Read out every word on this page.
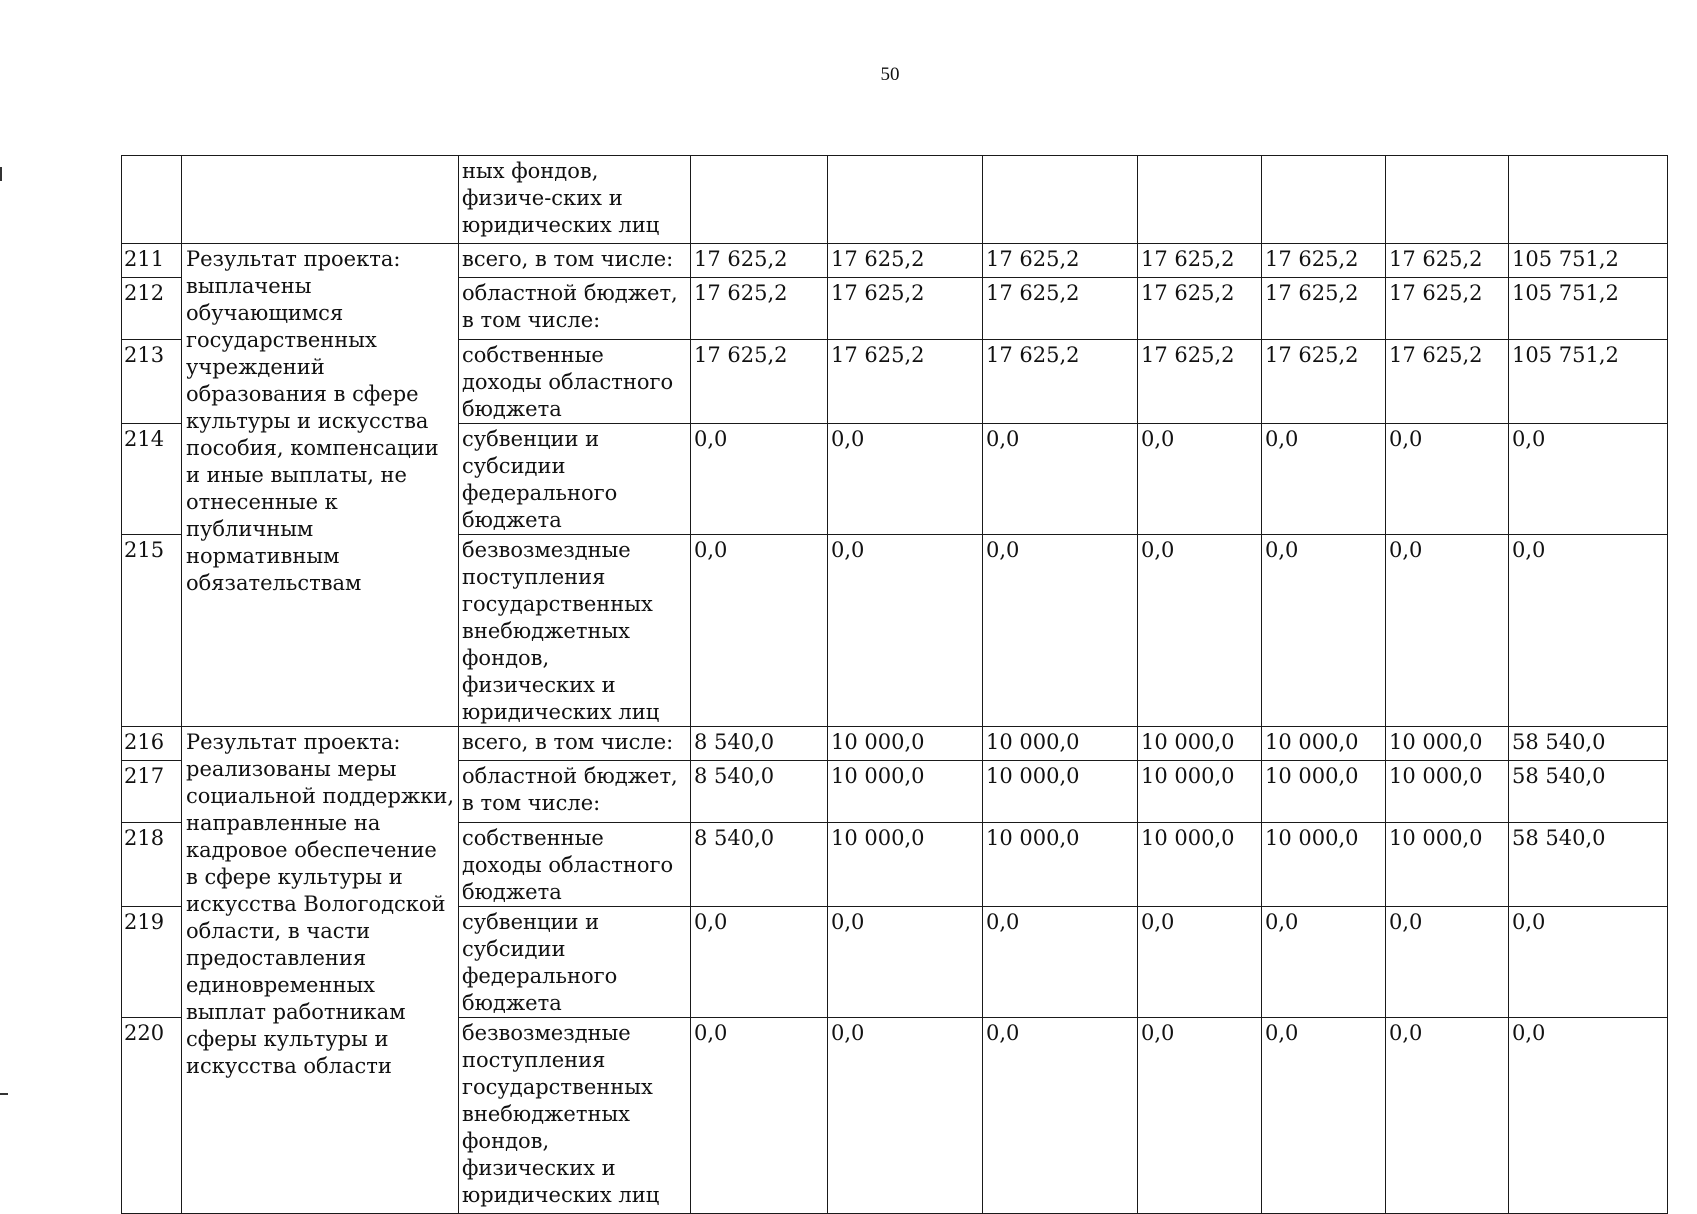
50
		ных фондов, физиче-ских и юридических лиц							
211	Результат проекта: выплачены обучающимся государственных учреждений образования в сфере культуры и искусства пособия, компенсации и иные выплаты, не отнесенные к публичным нормативным обязательствам	всего, в том числе:	17 625,2	17 625,2	17 625,2	17 625,2	17 625,2	17 625,2	105 751,2
212		областной бюджет, в том числе:	17 625,2	17 625,2	17 625,2	17 625,2	17 625,2	17 625,2	105 751,2
213		собственные доходы областного бюджета	17 625,2	17 625,2	17 625,2	17 625,2	17 625,2	17 625,2	105 751,2
214		субвенции и субсидии федерального бюджета	0,0	0,0	0,0	0,0	0,0	0,0	0,0
215		безвозмездные поступления государственных внебюджетных фондов, физических и юридических лиц	0,0	0,0	0,0	0,0	0,0	0,0	0,0
216	Результат проекта: реализованы меры социальной поддержки, направленные на кадровое обеспечение в сфере культуры и искусства Вологодской области, в части предоставления единовременных выплат работникам сферы культуры и искусства области	всего, в том числе:	8 540,0	10 000,0	10 000,0	10 000,0	10 000,0	10 000,0	58 540,0
217		областной бюджет, в том числе:	8 540,0	10 000,0	10 000,0	10 000,0	10 000,0	10 000,0	58 540,0
218		собственные доходы областного бюджета	8 540,0	10 000,0	10 000,0	10 000,0	10 000,0	10 000,0	58 540,0
219		субвенции и субсидии федерального бюджета	0,0	0,0	0,0	0,0	0,0	0,0	0,0
220		безвозмездные поступления государственных внебюджетных фондов, физических и юридических лиц	0,0	0,0	0,0	0,0	0,0	0,0	0,0
